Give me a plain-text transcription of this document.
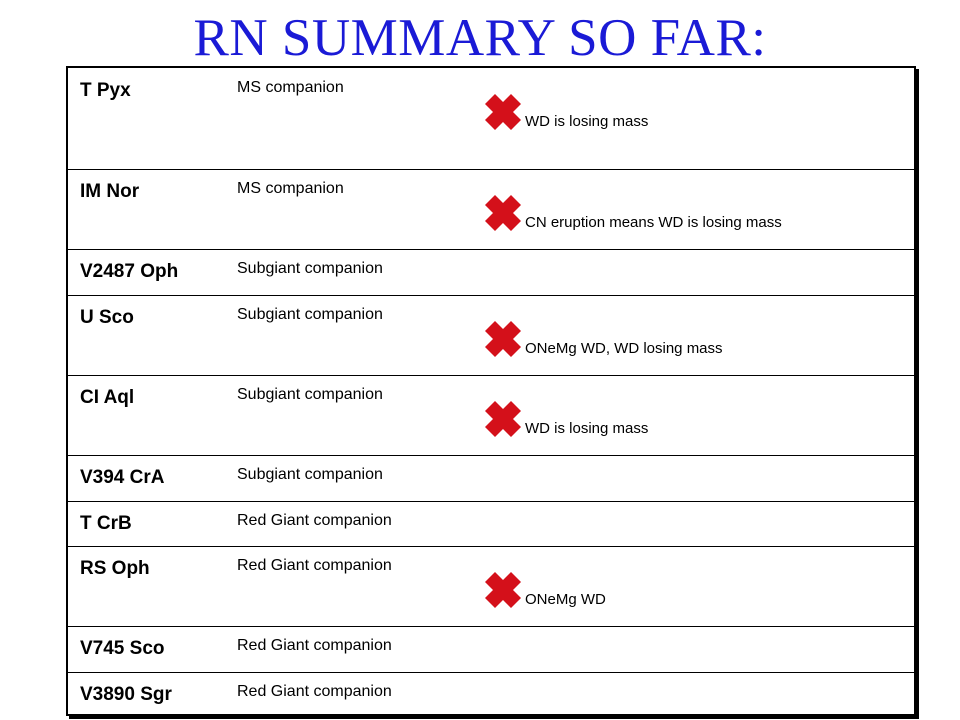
RN SUMMARY SO FAR:
T Pyx	MS companion
WD is losing mass
IM Nor	MS companion
CN eruption means WD is losing mass
V2487 Oph	Subgiant companion
U Sco	Subgiant companion
ONeMg WD, WD losing mass
CI Aql	Subgiant companion
WD is losing mass
V394 CrA	Subgiant companion
T CrB	Red Giant companion
RS Oph	Red Giant companion
ONeMg WD
V745 Sco	Red Giant companion
V3890 Sgr	Red Giant companion
